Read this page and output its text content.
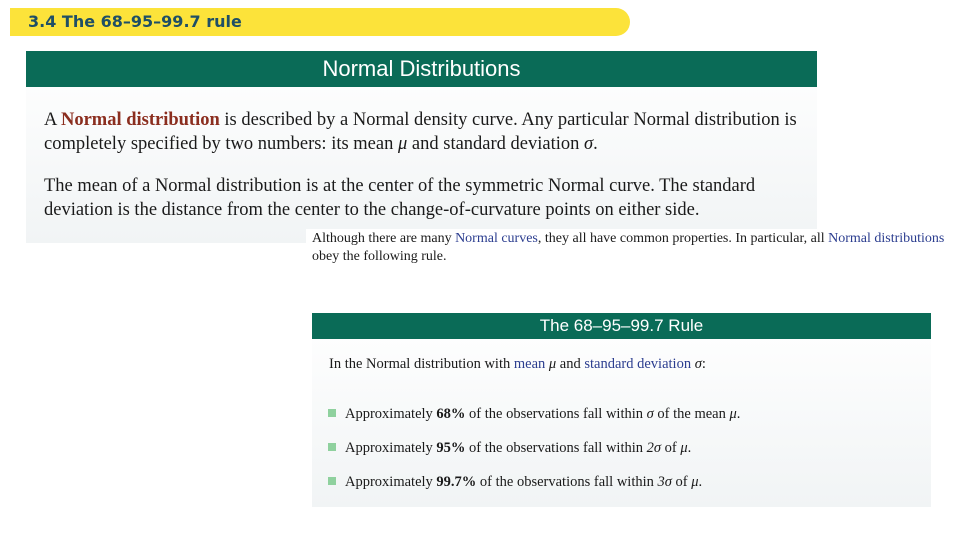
3.4 The 68–95–99.7 rule
Normal Distributions

A Normal distribution is described by a Normal density curve. Any particular Normal distribution is completely specified by two numbers: its mean μ and standard deviation σ.

The mean of a Normal distribution is at the center of the symmetric Normal curve. The standard deviation is the distance from the center to the change-of-curvature points on either side.

Although there are many Normal curves, they all have common properties. In particular, all Normal distributions obey the following rule.
The 68–95–99.7 Rule

In the Normal distribution with mean μ and standard deviation σ:

Approximately 68% of the observations fall within σ of the mean μ.
Approximately 95% of the observations fall within 2σ of μ.
Approximately 99.7% of the observations fall within 3σ of μ.
